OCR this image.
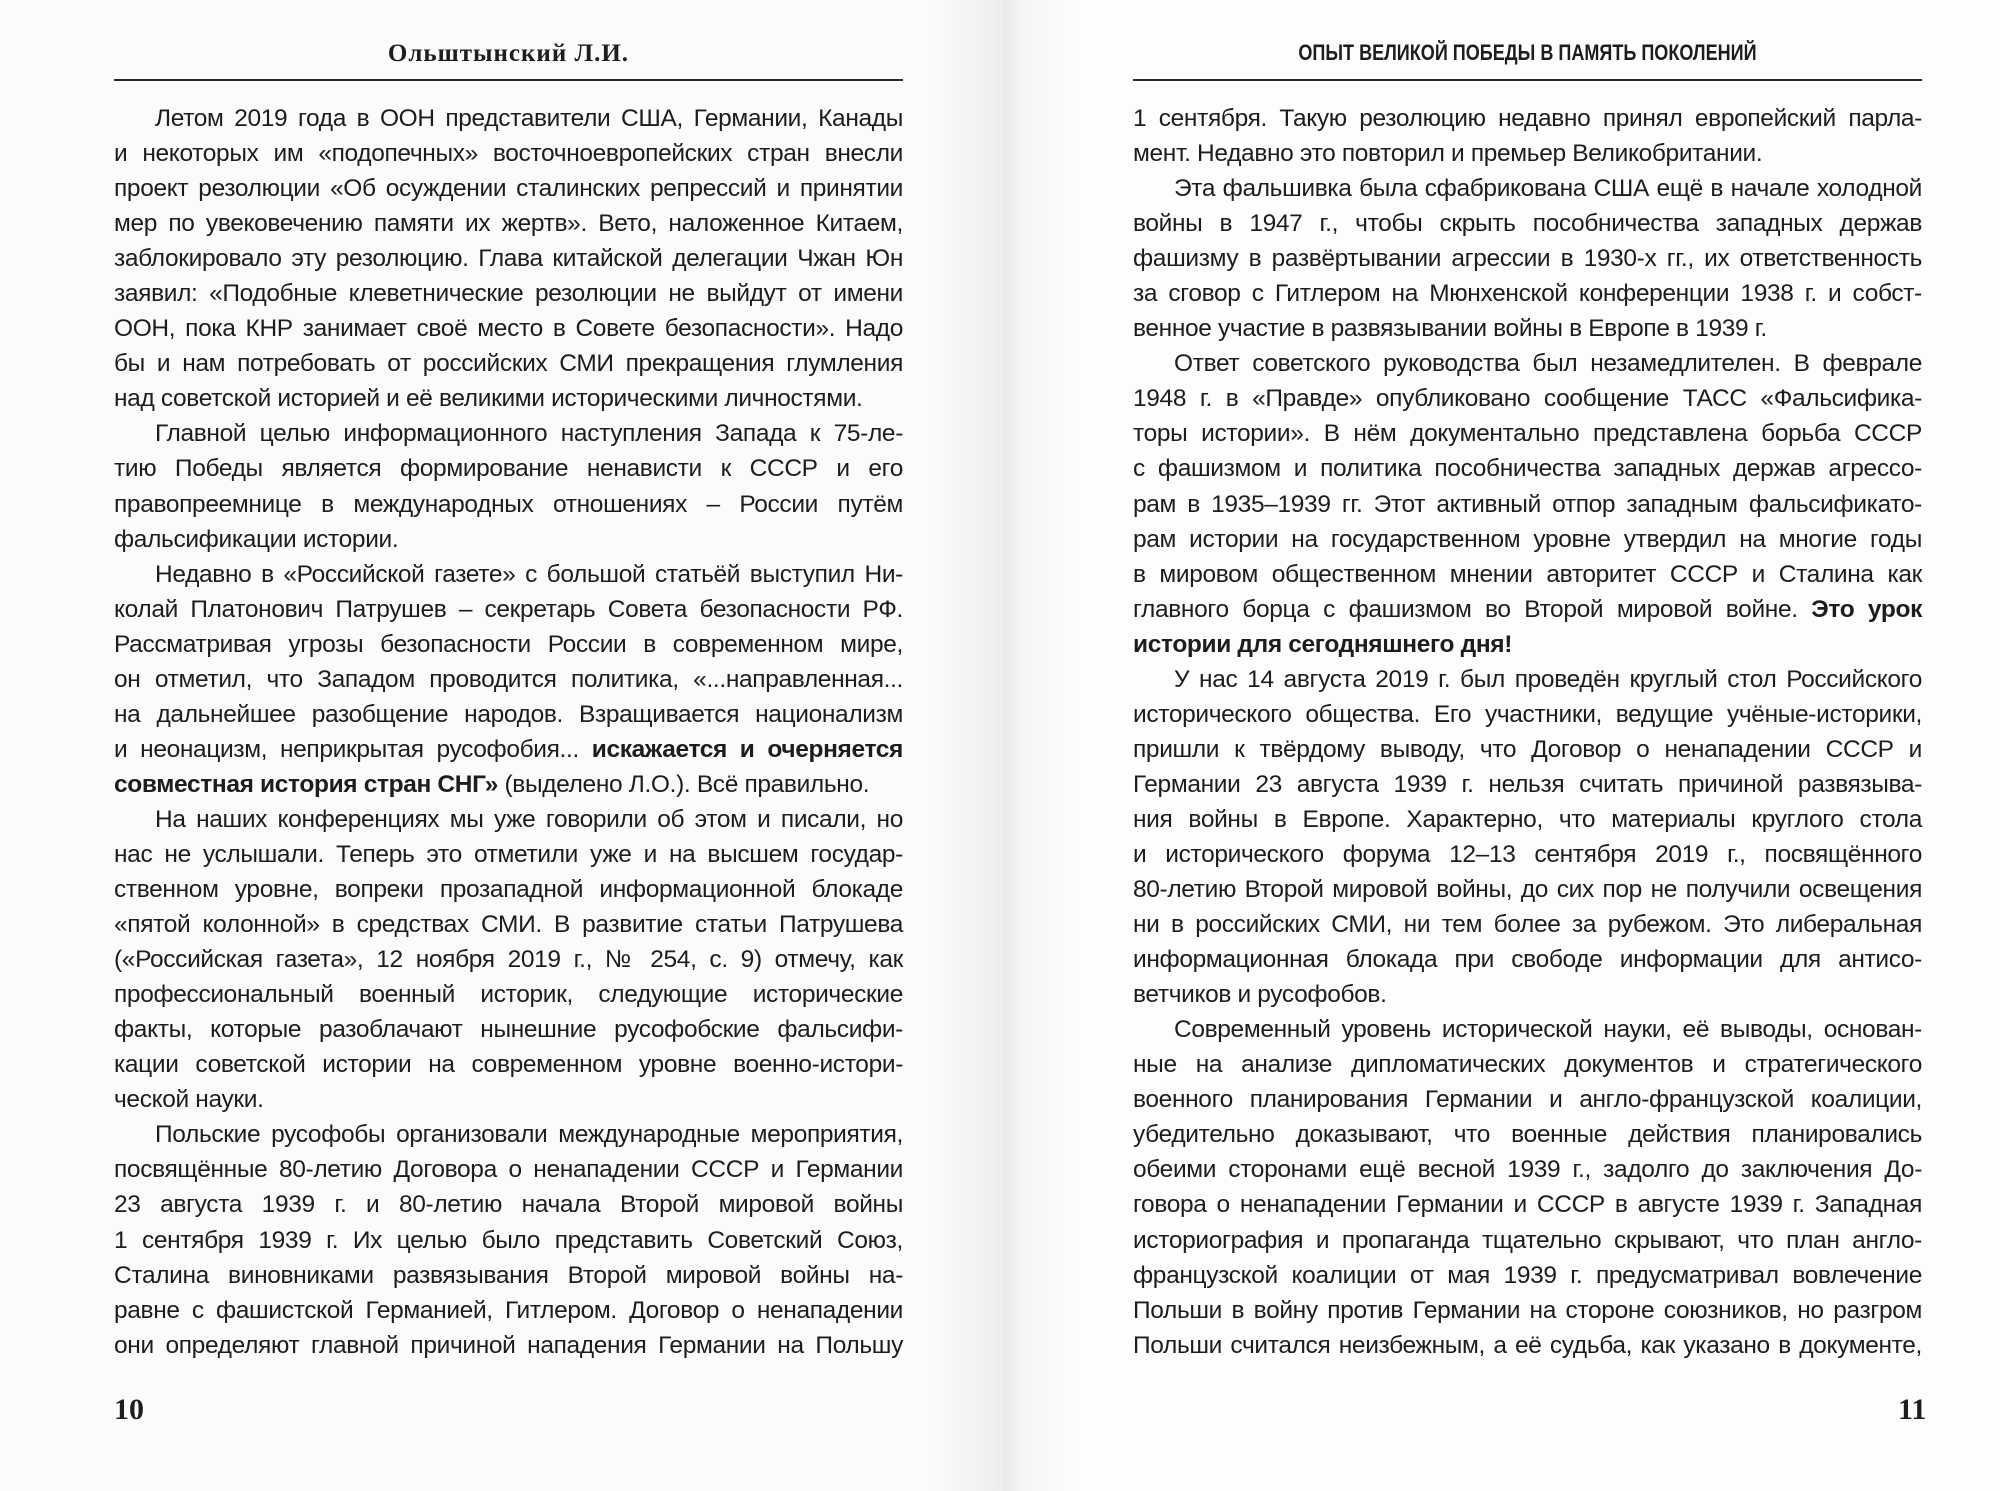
Ольштынский Л.И.
Летом 2019 года в ООН представители США, Германии, Канады
и некоторых им «подопечных» восточноевропейских стран внесли
проект резолюции «Об осуждении сталинских репрессий и принятии
мер по увековечению памяти их жертв». Вето, наложенное Китаем,
заблокировало эту резолюцию. Глава китайской делегации Чжан Юн
заявил: «Подобные клеветнические резолюции не выйдут от имени
ООН, пока КНР занимает своё место в Совете безопасности». Надо
бы и нам потребовать от российских СМИ прекращения глумления
над советской историей и её великими историческими личностями.
Главной целью информационного наступления Запада к 75-ле-
тию Победы является формирование ненависти к СССР и его
правопреемнице в международных отношениях – России путём
фальсификации истории.
Недавно в «Российской газете» с большой статьёй выступил Ни-
колай Платонович Патрушев – секретарь Совета безопасности РФ.
Рассматривая угрозы безопасности России в современном мире,
он отметил, что Западом проводится политика, «...направленная...
на дальнейшее разобщение народов. Взращивается национализм
и неонацизм, неприкрытая русофобия... искажается и очерняется
совместная история стран СНГ» (выделено Л.О.). Всё правильно.
На наших конференциях мы уже говорили об этом и писали, но
нас не услышали. Теперь это отметили уже и на высшем государ-
ственном уровне, вопреки прозападной информационной блокаде
«пятой колонной» в средствах СМИ. В развитие статьи Патрушева
(«Российская газета», 12 ноября 2019 г., № 254, с. 9) отмечу, как
профессиональный военный историк, следующие исторические
факты, которые разоблачают нынешние русофобские фальсифи-
кации советской истории на современном уровне военно-истори-
ческой науки.
Польские русофобы организовали международные мероприятия,
посвящённые 80-летию Договора о ненападении СССР и Германии
23 августа 1939 г. и 80-летию начала Второй мировой войны
1 сентября 1939 г. Их целью было представить Советский Союз,
Сталина виновниками развязывания Второй мировой войны на-
равне с фашистской Германией, Гитлером. Договор о ненападении
они определяют главной причиной нападения Германии на Польшу
10
ОПЫТ ВЕЛИКОЙ ПОБЕДЫ В ПАМЯТЬ ПОКОЛЕНИЙ
1 сентября. Такую резолюцию недавно принял европейский парла-
мент. Недавно это повторил и премьер Великобритании.
Эта фальшивка была сфабрикована США ещё в начале холодной
войны в 1947 г., чтобы скрыть пособничества западных держав
фашизму в развёртывании агрессии в 1930-х гг., их ответственность
за сговор с Гитлером на Мюнхенской конференции 1938 г. и собст-
венное участие в развязывании войны в Европе в 1939 г.
Ответ советского руководства был незамедлителен. В феврале
1948 г. в «Правде» опубликовано сообщение ТАСС «Фальсифика-
торы истории». В нём документально представлена борьба СССР
с фашизмом и политика пособничества западных держав агрессо-
рам в 1935–1939 гг. Этот активный отпор западным фальсификато-
рам истории на государственном уровне утвердил на многие годы
в мировом общественном мнении авторитет СССР и Сталина как
главного борца с фашизмом во Второй мировой войне. Это урок
истории для сегодняшнего дня!
У нас 14 августа 2019 г. был проведён круглый стол Российского
исторического общества. Его участники, ведущие учёные-историки,
пришли к твёрдому выводу, что Договор о ненападении СССР и
Германии 23 августа 1939 г. нельзя считать причиной развязыва-
ния войны в Европе. Характерно, что материалы круглого стола
и исторического форума 12–13 сентября 2019 г., посвящённого
80-летию Второй мировой войны, до сих пор не получили освещения
ни в российских СМИ, ни тем более за рубежом. Это либеральная
информационная блокада при свободе информации для антисо-
ветчиков и русофобов.
Современный уровень исторической науки, её выводы, основан-
ные на анализе дипломатических документов и стратегического
военного планирования Германии и англо-французской коалиции,
убедительно доказывают, что военные действия планировались
обеими сторонами ещё весной 1939 г., задолго до заключения До-
говора о ненападении Германии и СССР в августе 1939 г. Западная
историография и пропаганда тщательно скрывают, что план англо-
французской коалиции от мая 1939 г. предусматривал вовлечение
Польши в войну против Германии на стороне союзников, но разгром
Польши считался неизбежным, а её судьба, как указано в документе,
11
